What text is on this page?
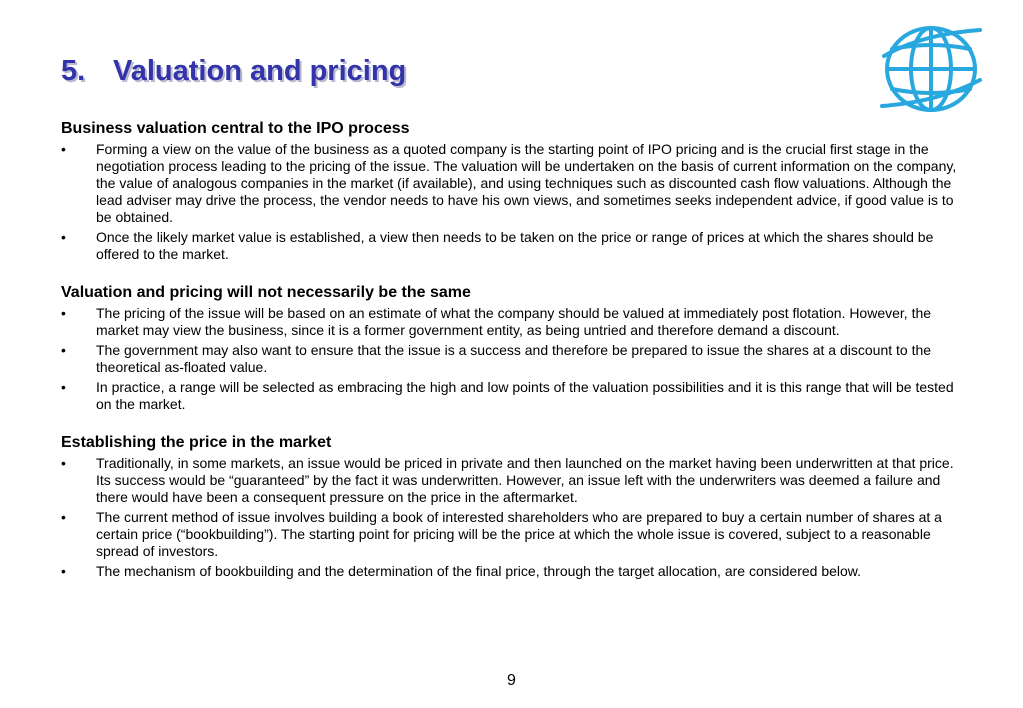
5. Valuation and pricing
Business valuation central to the IPO process
• Forming a view on the value of the business as a quoted company is the starting point of IPO pricing and is the crucial first stage in the negotiation process leading to the pricing of the issue. The valuation will be undertaken on the basis of current information on the company, the value of analogous companies in the market (if available), and using techniques such as discounted cash flow valuations. Although the lead adviser may drive the process, the vendor needs to have his own views, and sometimes seeks independent advice, if good value is to be obtained.
• Once the likely market value is established, a view then needs to be taken on the price or range of prices at which the shares should be offered to the market.
Valuation and pricing will not necessarily be the same
• The pricing of the issue will be based on an estimate of what the company should be valued at immediately post flotation. However, the market may view the business, since it is a former government entity, as being untried and therefore demand a discount.
• The government may also want to ensure that the issue is a success and therefore be prepared to issue the shares at a discount to the theoretical as-floated value.
• In practice, a range will be selected as embracing the high and low points of the valuation possibilities and it is this range that will be tested on the market.
Establishing the price in the market
• Traditionally, in some markets, an issue would be priced in private and then launched on the market having been underwritten at that price. Its success would be “guaranteed” by the fact it was underwritten. However, an issue left with the underwriters was deemed a failure and there would have been a consequent pressure on the price in the aftermarket.
• The current method of issue involves building a book of interested shareholders who are prepared to buy a certain number of shares at a certain price (“bookbuilding”). The starting point for pricing will be the price at which the whole issue is covered, subject to a reasonable spread of investors.
• The mechanism of bookbuilding and the determination of the final price, through the target allocation, are considered below.
9
